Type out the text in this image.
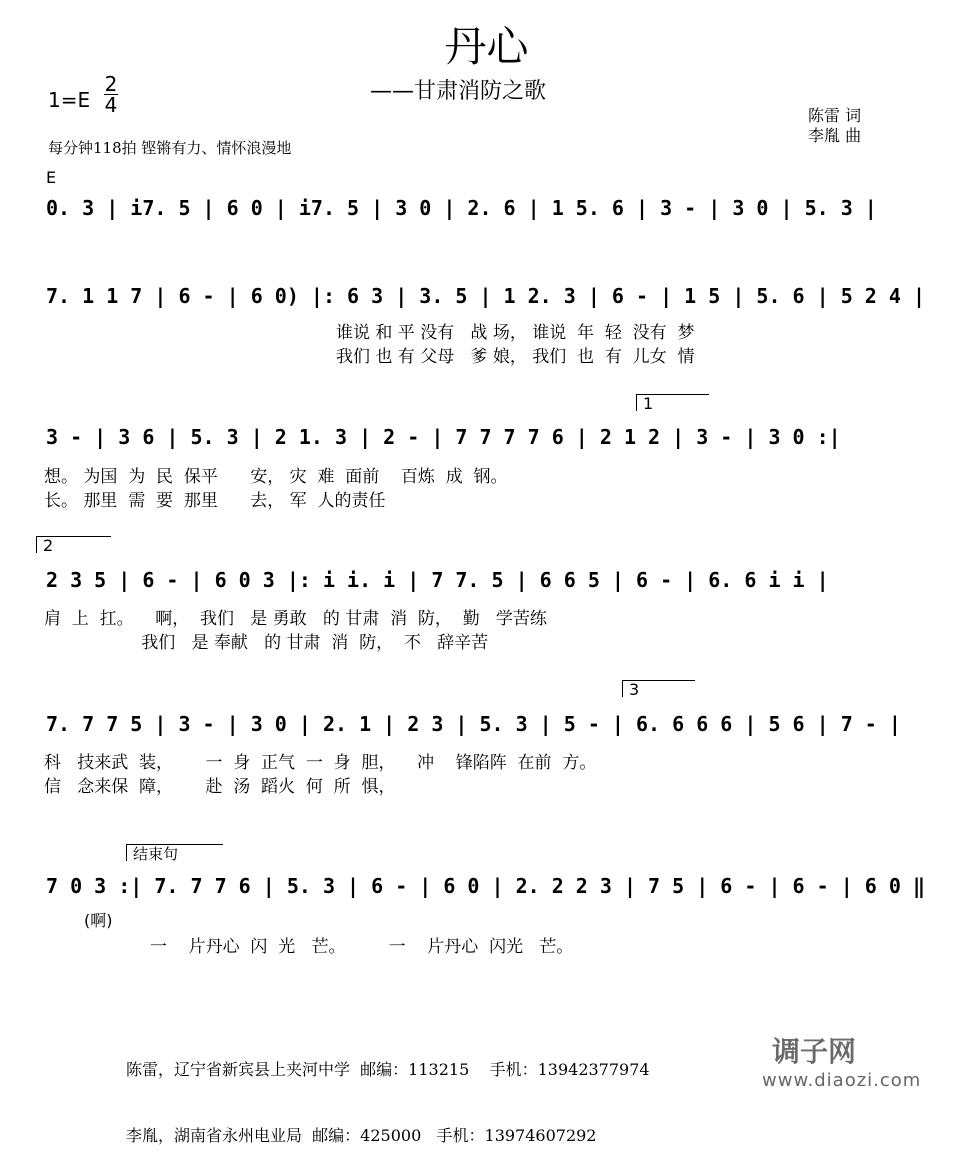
丹心
——甘肃消防之歌
1=E
2
4	陈雷 词
李胤 曲
每分钟118拍 铿锵有力、情怀浪漫地
E
0. 3 | i7. 5 | 6 0 | i7. 5 | 3 0 | 2. 6 | 1 5. 6 | 3 - | 3 0 | 5. 3 |
7. 1 1 7 | 6 - | 6 0) |: 6 3 | 3. 5 | 1 2. 3 | 6 - | 1 5 | 5. 6 | 5 2 4 |
谁说 和 平 没有   战 场， 谁说  年  轻  没有  梦
我们 也 有 父母   爹 娘， 我们  也  有  儿女  情
1
3 - | 3 6 | 5. 3 | 2 1. 3 | 2 - | 7 7 7 7 6 | 2 1 2 | 3 - | 3 0 :|
想。 为国  为  民  保平      安， 灾  难  面前    百炼  成  钢。
长。 那里  需  要  那里      去， 军  人的责任
2
2 3 5 | 6 - | 6 0 3 |: i i. i | 7 7. 5 | 6 6 5 | 6 - | 6. 6 i i |
肩  上  扛。    啊，  我们   是 勇敢   的 甘肃  消  防，  勤   学苦练
我们   是 奉献   的 甘肃  消  防，  不   辞辛苦
3
7. 7 7 5 | 3 - | 3 0 | 2. 1 | 2 3 | 5. 3 | 5 - | 6. 6 6 6 | 5 6 | 7 - |
科   技来武  装，      一  身  正气  一  身  胆，    冲    锋陷阵  在前  方。
信   念来保  障，      赴  汤  蹈火  何  所  惧，
结束句
7 0 3 :| 7. 7 7 6 | 5. 3 | 6 - | 6 0 | 2. 2 2 3 | 7 5 | 6 - | 6 - | 6 0 ‖
(啊)
一    片丹心  闪  光   芒。        一    片丹心  闪光   芒。

陈雷，辽宁省新宾县上夹河中学  邮编：113215    手机：13942377974

李胤，湖南省永州电业局  邮编：425000   手机：13974607292

调子网
www.diaozi.com
